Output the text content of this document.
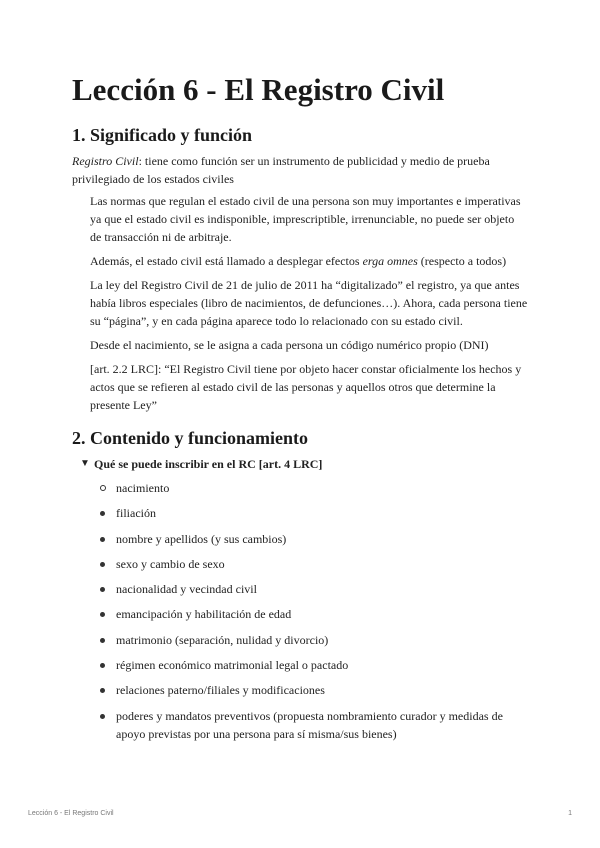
Lección 6 - El Registro Civil
1. Significado y función

Registro Civil: tiene como función ser un instrumento de publicidad y medio de prueba privilegiado de los estados civiles

Las normas que regulan el estado civil de una persona son muy importantes e imperativas ya que el estado civil es indisponible, imprescriptible, irrenunciable, no puede ser objeto de transacción ni de arbitraje.

Además, el estado civil está llamado a desplegar efectos erga omnes (respecto a todos)

La ley del Registro Civil de 21 de julio de 2011 ha “digitalizado” el registro, ya que antes había libros especiales (libro de nacimientos, de defunciones…). Ahora, cada persona tiene su “página”, y en cada página aparece todo lo relacionado con su estado civil.

Desde el nacimiento, se le asigna a cada persona un código numérico propio (DNI)

[art. 2.2 LRC]: “El Registro Civil tiene por objeto hacer constar oficialmente los hechos y actos que se refieren al estado civil de las personas y aquellos otros que determine la presente Ley”

2. Contenido y funcionamiento
▼ Qué se puede inscribir en el RC [art. 4 LRC]
nacimiento
filiación
nombre y apellidos (y sus cambios)
sexo y cambio de sexo
nacionalidad y vecindad civil
emancipación y habilitación de edad
matrimonio (separación, nulidad y divorcio)
régimen económico matrimonial legal o pactado
relaciones paterno/filiales y modificaciones
poderes y mandatos preventivos (propuesta nombramiento curador y medidas de apoyo previstas por una persona para sí misma/sus bienes)
Lección 6 - El Registro Civil	1
